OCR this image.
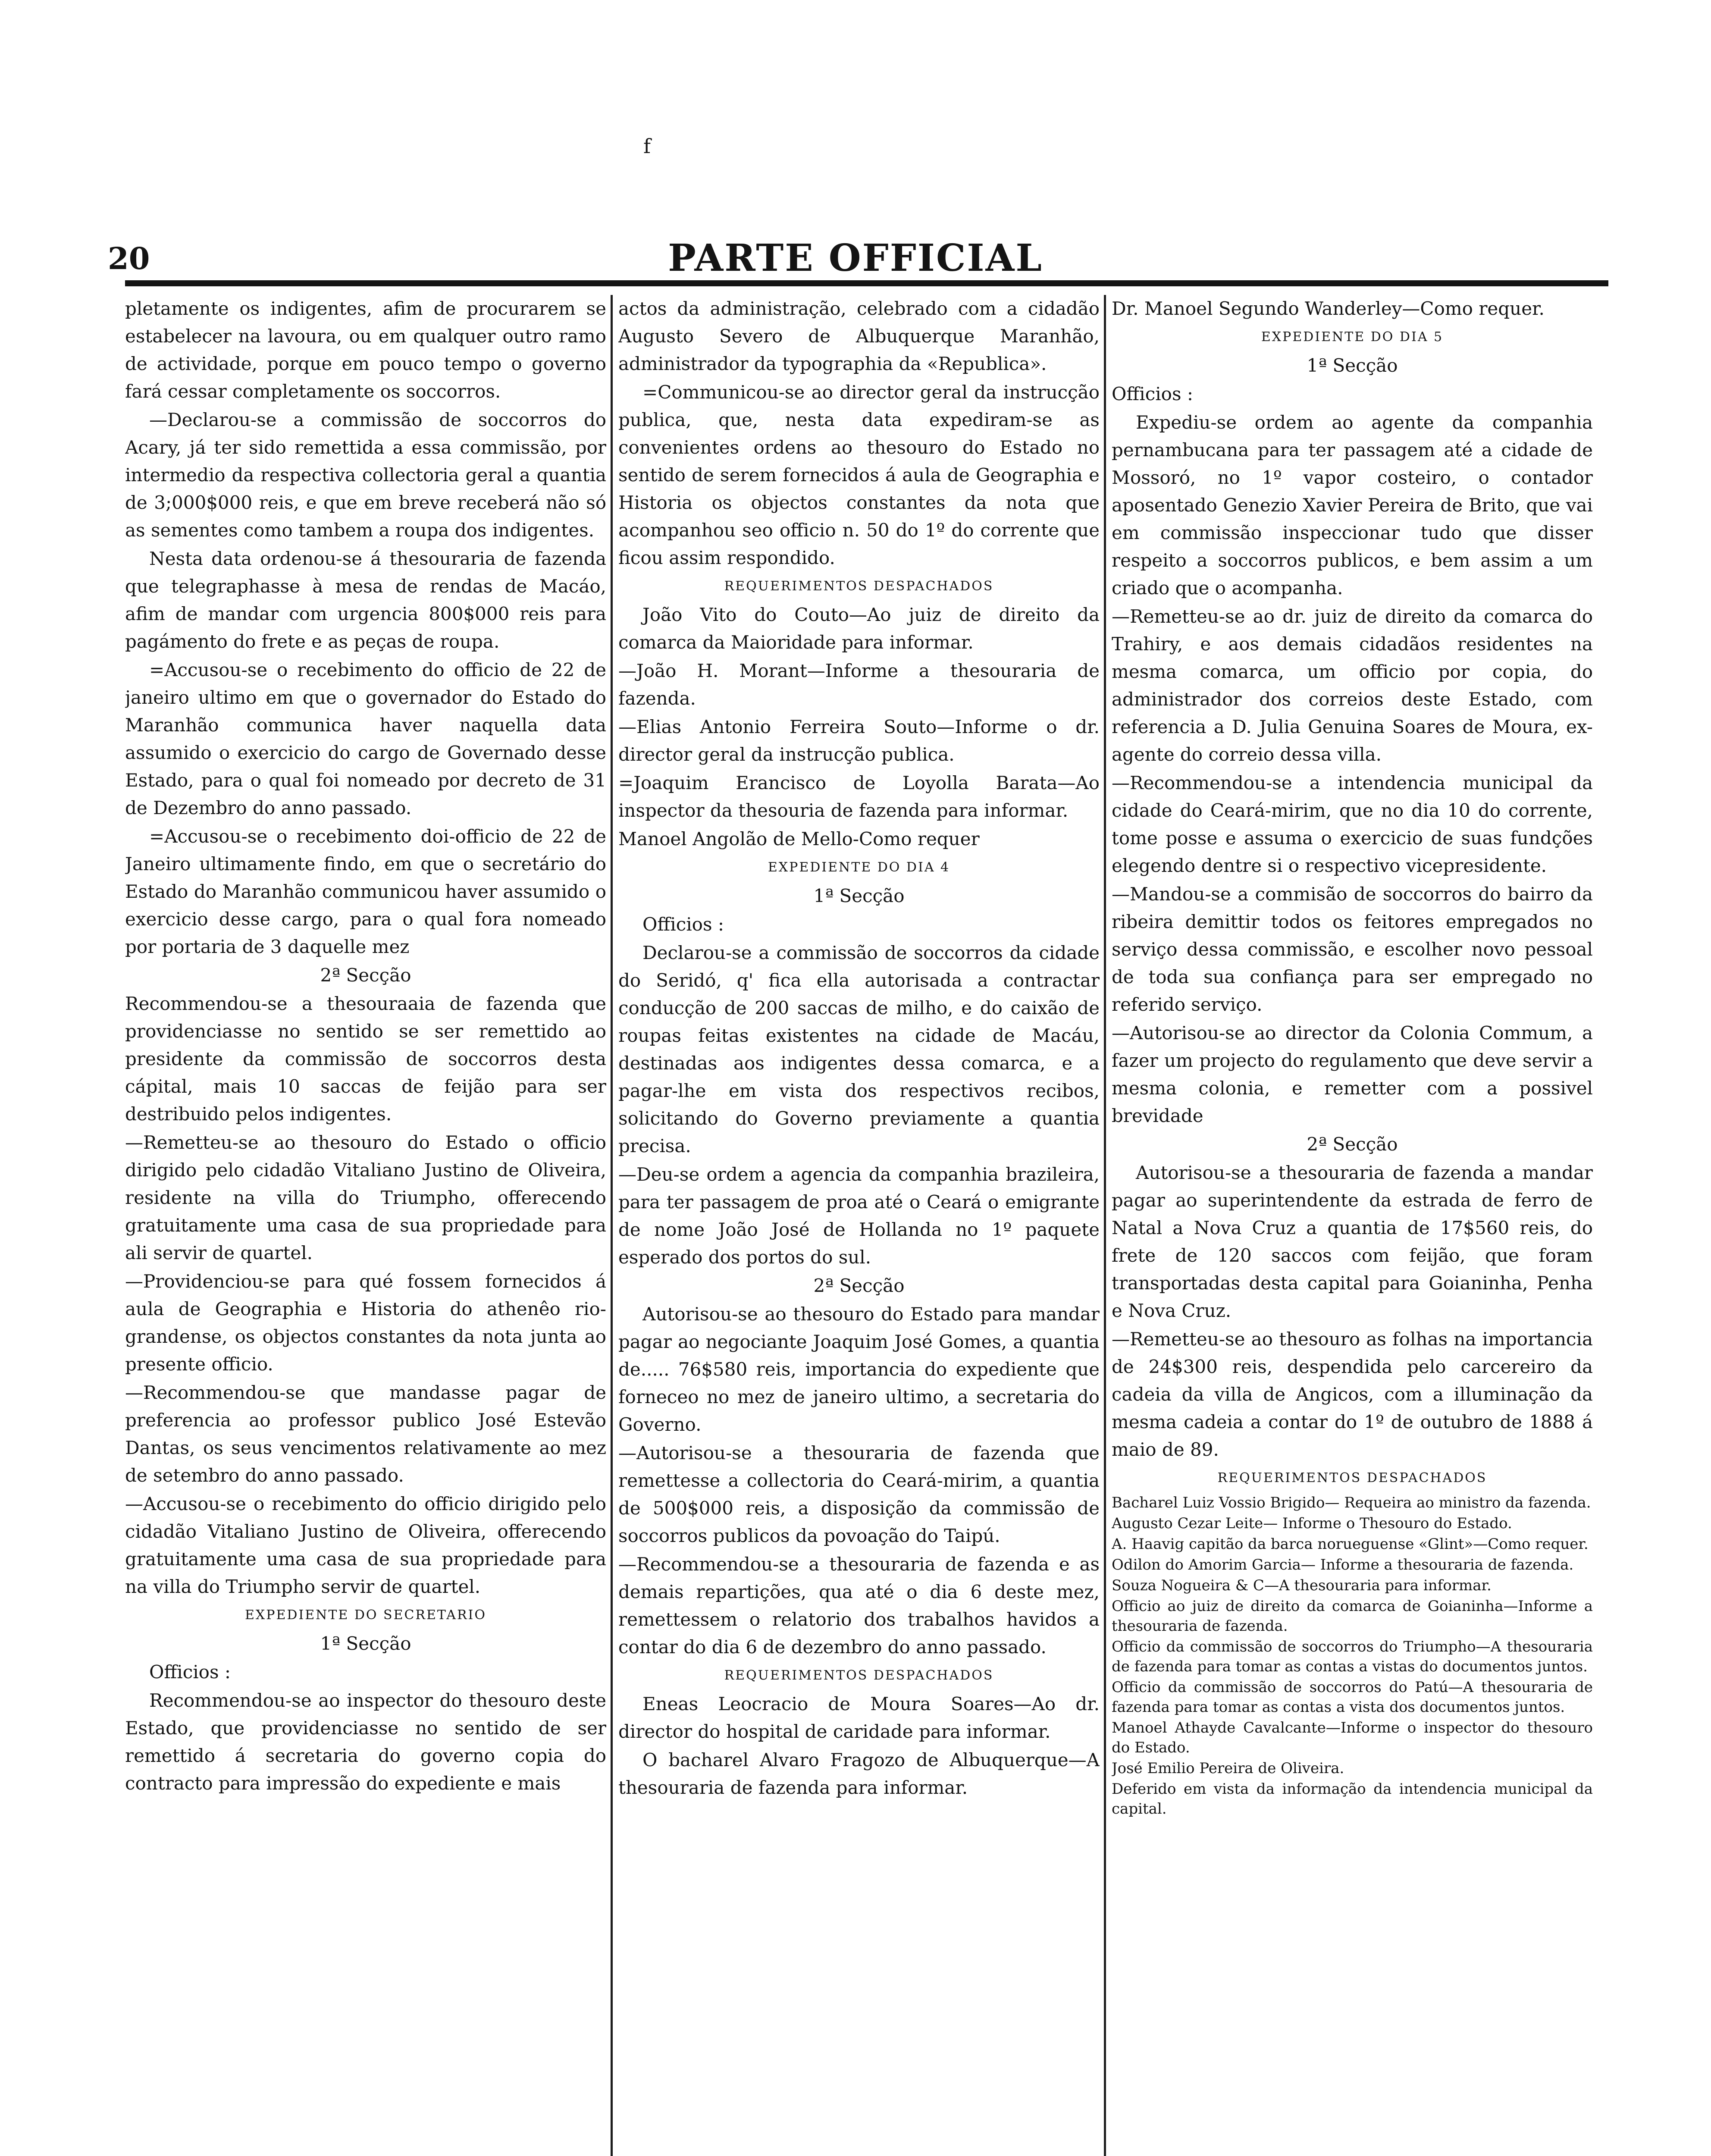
f
20	PARTE OFFICIAL

pletamente os indigentes, afim de procurarem se estabelecer na lavoura, ou em qualquer outro ramo de actividade, porque em pouco tempo o governo fará cessar completamente os soccorros.

—Declarou-se a commissão de soccorros do Acary, já ter sido remettida a essa commissão, por intermedio da respectiva collectoria geral a quantia de 3;000$000 reis, e que em breve receberá não só as sementes como tambem a roupa dos indigentes.

Nesta data ordenou-se á thesouraria de fazenda que telegraphasse à mesa de rendas de Macáo, afim de mandar com urgencia 800$000 reis para pagámento do frete e as peças de roupa.

=Accusou-se o recebimento do officio de 22 de janeiro ultimo em que o governador do Estado do Maranhão communica haver naquella data assumido o exercicio do cargo de Governado desse Estado, para o qual foi nomeado por decreto de 31 de Dezembro do anno passado.

=Accusou-se o recebimento doi-officio de 22 de Janeiro ultimamente findo, em que o secretário do Estado do Maranhão communicou haver assumido o exercicio desse cargo, para o qual fora nomeado por portaria de 3 daquelle mez

2ª Secção

Recommendou-se a thesouraaia de fazenda que providenciasse no sentido se ser remettido ao presidente da commissão de soccorros desta cápital, mais 10 saccas de feijão para ser destribuido pelos indigentes.

—Remetteu-se ao thesouro do Estado o officio dirigido pelo cidadão Vitaliano Justino de Oliveira, residente na villa do Triumpho, offerecendo gratuitamente uma casa de sua propriedade para ali servir de quartel.

—Providenciou-se para qué fossem fornecidos á aula de Geographia e Historia do athenêo rio-grandense, os objectos constantes da nota junta ao presente officio.

—Recommendou-se que mandasse pagar de preferencia ao professor publico José Estevão Dantas, os seus vencimentos relativamente ao mez de setembro do anno passado.

—Accusou-se o recebimento do officio dirigido pelo cidadão Vitaliano Justino de Oliveira, offerecendo gratuitamente uma casa de sua propriedade para na villa do Triumpho servir de quartel.

EXPEDIENTE DO SECRETARIO

1ª Secção

Officios :

Recommendou-se ao inspector do thesouro deste Estado, que providenciasse no sentido de ser remettido á secretaria do governo copia do contracto para impressão do expediente e mais

actos da administração, celebrado com a cidadão Augusto Severo de Albuquerque Maranhão, administrador da typographia da «Republica».

=Communicou-se ao director geral da instrucção publica, que, nesta data expediram-se as convenientes ordens ao thesouro do Estado no sentido de serem fornecidos á aula de Geographia e Historia os objectos constantes da nota que acompanhou seo officio n. 50 do 1º do corrente que ficou assim respondido.

REQUERIMENTOS DESPACHADOS

João Vito do Couto—Ao juiz de direito da comarca da Maioridade para informar.

—João H. Morant—Informe a thesouraria de fazenda.

—Elias Antonio Ferreira Souto—Informe o dr. director geral da instrucção publica.

=Joaquim Erancisco de Loyolla Barata—Ao inspector da thesouria de fazenda para informar.

Manoel Angolão de Mello-Como requer

EXPEDIENTE DO DIA 4

1ª Secção

Officios :

Declarou-se a commissão de soccorros da cidade do Seridó, q' fica ella autorisada a contractar conducção de 200 saccas de milho, e do caixão de roupas feitas existentes na cidade de Macáu, destinadas aos indigentes dessa comarca, e a pagar-lhe em vista dos respectivos recibos, solicitando do Governo previamente a quantia precisa.

—Deu-se ordem a agencia da companhia brazileira, para ter passagem de proa até o Ceará o emigrante de nome João José de Hollanda no 1º paquete esperado dos portos do sul.

2ª Secção

Autorisou-se ao thesouro do Estado para mandar pagar ao negociante Joaquim José Gomes, a quantia de..... 76$580 reis, importancia do expediente que forneceo no mez de janeiro ultimo, a secretaria do Governo.

—Autorisou-se a thesouraria de fazenda que remettesse a collectoria do Ceará-mirim, a quantia de 500$000 reis, a disposição da commissão de soccorros publicos da povoação do Taipú.

—Recommendou-se a thesouraria de fazenda e as demais repartições, qua até o dia 6 deste mez, remettessem o relatorio dos trabalhos havidos a contar do dia 6 de dezembro do anno passado.

REQUERIMENTOS DESPACHADOS

Eneas Leocracio de Moura Soares—Ao dr. director do hospital de caridade para informar.

O bacharel Alvaro Fragozo de Albuquerque—A thesouraria de fazenda para informar.

Dr. Manoel Segundo Wanderley—Como requer.

EXPEDIENTE DO DIA 5

1ª Secção

Officios :

Expediu-se ordem ao agente da companhia pernambucana para ter passagem até a cidade de Mossoró, no 1º vapor costeiro, o contador aposentado Genezio Xavier Pereira de Brito, que vai em commissão inspeccionar tudo que disser respeito a soccorros publicos, e bem assim a um criado que o acompanha.

—Remetteu-se ao dr. juiz de direito da comarca do Trahiry, e aos demais cidadãos residentes na mesma comarca, um officio por copia, do administrador dos correios deste Estado, com referencia a D. Julia Genuina Soares de Moura, ex-agente do correio dessa villa.

—Recommendou-se a intendencia municipal da cidade do Ceará-mirim, que no dia 10 do corrente, tome posse e assuma o exercicio de suas fundções elegendo dentre si o respectivo vicepresidente.

—Mandou-se a commisão de soccorros do bairro da ribeira demittir todos os feitores empregados no serviço dessa commissão, e escolher novo pessoal de toda sua confiança para ser empregado no referido serviço.

—Autorisou-se ao director da Colonia Commum, a fazer um projecto do regulamento que deve servir a mesma colonia, e remetter com a possivel brevidade

2ª Secção

Autorisou-se a thesouraria de fazenda a mandar pagar ao superintendente da estrada de ferro de Natal a Nova Cruz a quantia de 17$560 reis, do frete de 120 saccos com feijão, que foram transportadas desta capital para Goianinha, Penha e Nova Cruz.

—Remetteu-se ao thesouro as folhas na importancia de 24$300 reis, despendida pelo carcereiro da cadeia da villa de Angicos, com a illuminação da mesma cadeia a contar do 1º de outubro de 1888 á maio de 89.

REQUERIMENTOS DESPACHADOS

Bacharel Luiz Vossio Brigido— Requeira ao ministro da fazenda.

Augusto Cezar Leite— Informe o Thesouro do Estado.

A. Haavig capitão da barca norueguense «Glint»—Como requer.

Odilon do Amorim Garcia— Informe a thesouraria de fazenda.

Souza Nogueira & C—A thesouraria para informar.

Officio ao juiz de direito da comarca de Goianinha—Informe a thesouraria de fazenda.

Officio da commissão de soccorros do Triumpho—A thesouraria de fazenda para tomar as contas a vistas do documentos juntos.

Officio da commissão de soccorros do Patú—A thesouraria de fazenda para tomar as contas a vista dos documentos juntos.

Manoel Athayde Cavalcante—Informe o inspector do thesouro do Estado.

José Emilio Pereira de Oliveira.

Deferido em vista da informação da intendencia municipal da capital.
